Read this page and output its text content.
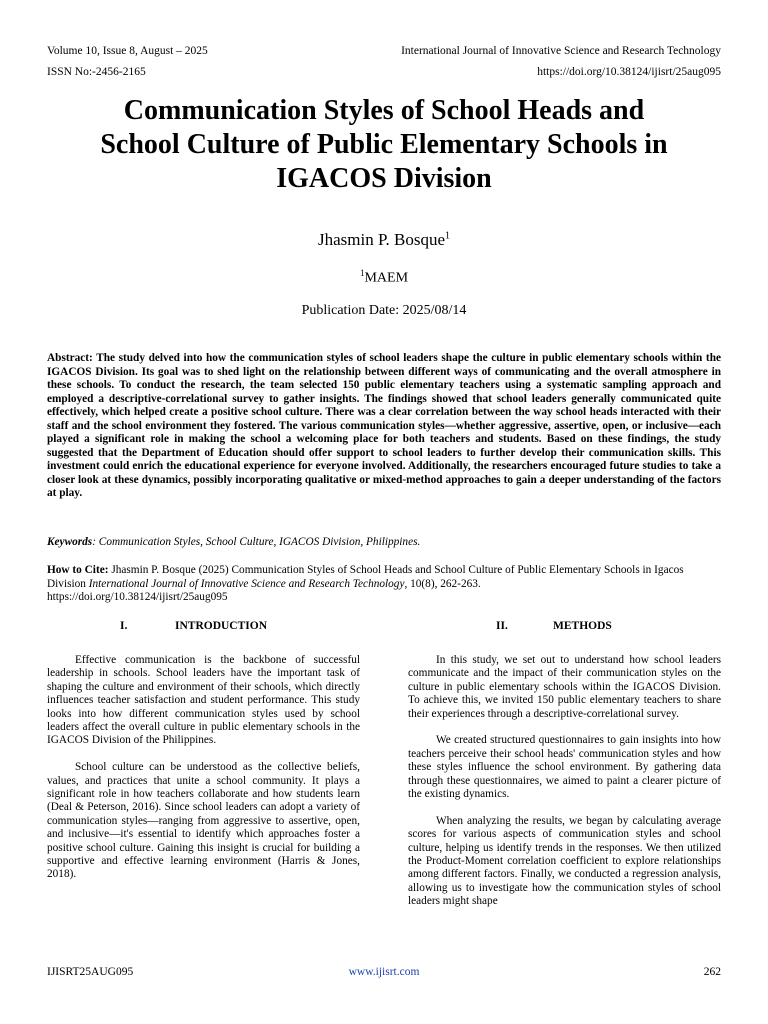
Volume 10, Issue 8, August – 2025
ISSN No:-2456-2165
International Journal of Innovative Science and Research Technology
https://doi.org/10.38124/ijisrt/25aug095
Communication Styles of School Heads and
School Culture of Public Elementary Schools in
IGACOS Division
Jhasmin P. Bosque$^1$
$^1$MAEM
Publication Date: 2025/08/14
Abstract: The study delved into how the communication styles of school leaders shape the culture in public elementary schools within the IGACOS Division. Its goal was to shed light on the relationship between different ways of communicating and the overall atmosphere in these schools. To conduct the research, the team selected 150 public elementary teachers using a systematic sampling approach and employed a descriptive-correlational survey to gather insights. The findings showed that school leaders generally communicated quite effectively, which helped create a positive school culture. There was a clear correlation between the way school heads interacted with their staff and the school environment they fostered. The various communication styles—whether aggressive, assertive, open, or inclusive—each played a significant role in making the school a welcoming place for both teachers and students. Based on these findings, the study suggested that the Department of Education should offer support to school leaders to further develop their communication skills. This investment could enrich the educational experience for everyone involved. Additionally, the researchers encouraged future studies to take a closer look at these dynamics, possibly incorporating qualitative or mixed-method approaches to gain a deeper understanding of the factors at play.
Keywords: Communication Styles, School Culture, IGACOS Division, Philippines.
How to Cite: Jhasmin P. Bosque (2025) Communication Styles of School Heads and School Culture of Public Elementary Schools in Igacos Division International Journal of Innovative Science and Research Technology, 10(8), 262-263.
https://doi.org/10.38124/ijisrt/25aug095
I.	INTRODUCTION

Effective communication is the backbone of successful leadership in schools. School leaders have the important task of shaping the culture and environment of their schools, which directly influences teacher satisfaction and student performance. This study looks into how different communication styles used by school leaders affect the overall culture in public elementary schools in the IGACOS Division of the Philippines.

School culture can be understood as the collective beliefs, values, and practices that unite a school community. It plays a significant role in how teachers collaborate and how students learn (Deal & Peterson, 2016). Since school leaders can adopt a variety of communication styles—ranging from aggressive to assertive, open, and inclusive—it's essential to identify which approaches foster a positive school culture. Gaining this insight is crucial for building a supportive and effective learning environment (Harris & Jones, 2018).

II.	METHODS

In this study, we set out to understand how school leaders communicate and the impact of their communication styles on the culture in public elementary schools within the IGACOS Division. To achieve this, we invited 150 public elementary teachers to share their experiences through a descriptive-correlational survey.

We created structured questionnaires to gain insights into how teachers perceive their school heads' communication styles and how these styles influence the school environment. By gathering data through these questionnaires, we aimed to paint a clearer picture of the existing dynamics.

When analyzing the results, we began by calculating average scores for various aspects of communication styles and school culture, helping us identify trends in the responses. We then utilized the Product-Moment correlation coefficient to explore relationships among different factors. Finally, we conducted a regression analysis, allowing us to investigate how the communication styles of school leaders might shape

IJISRT25AUG095	www.ijisrt.com	262
